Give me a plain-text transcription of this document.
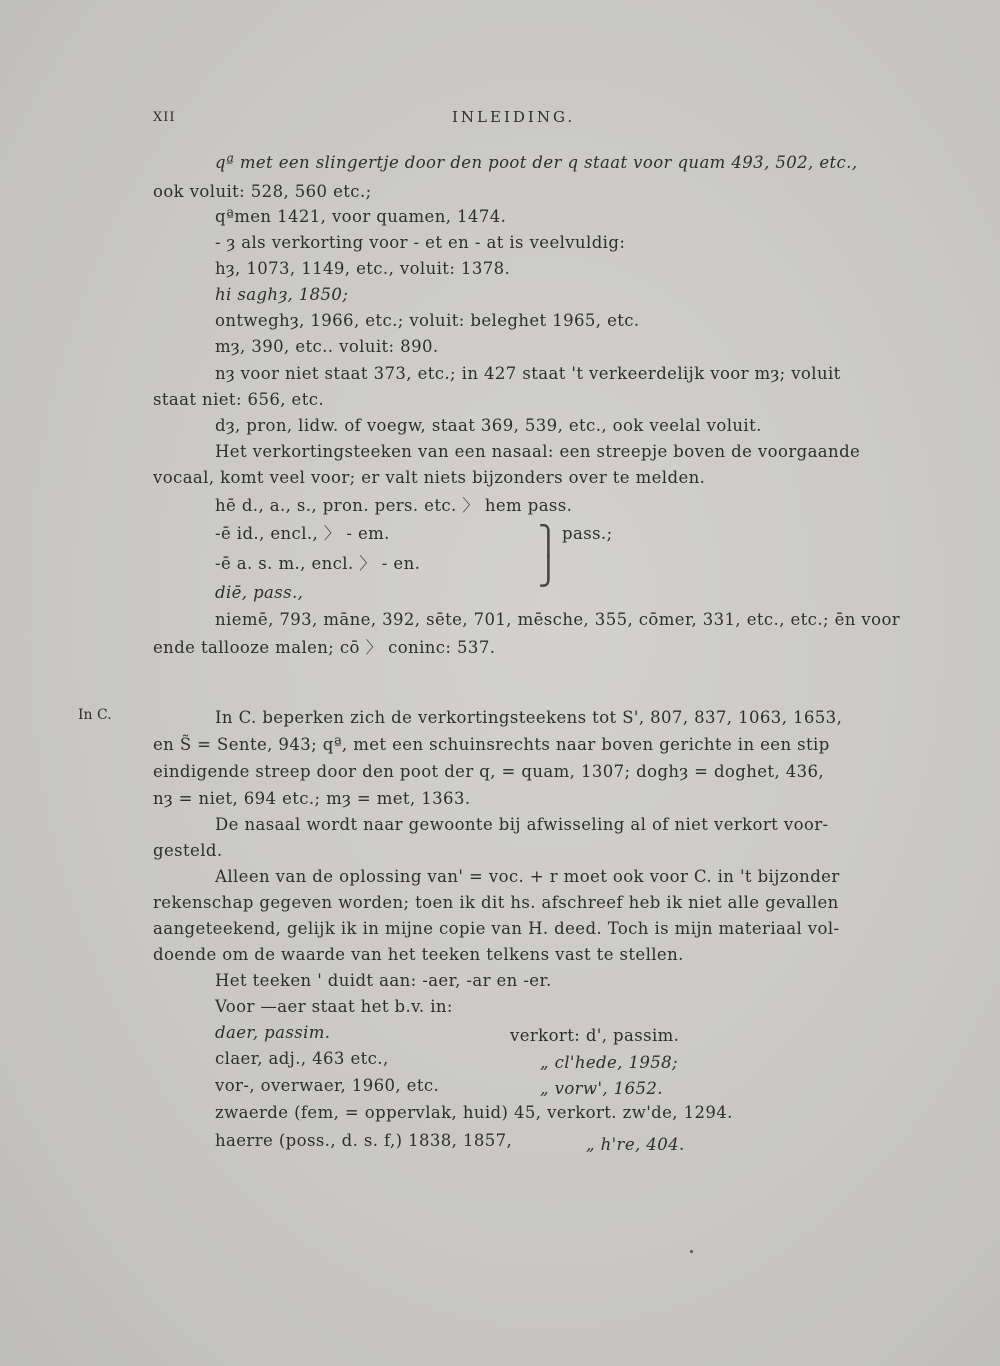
XII	INLEIDING.
In C.
qª met een slingertje door den poot der q staat voor quam 493, 502, etc.,
ook voluit: 528, 560 etc.;
qªmen 1421, voor quamen, 1474.
- ȝ als verkorting voor - et en - at is veelvuldig:
hȝ, 1073, 1149, etc., voluit: 1378.
hi saghȝ, 1850;
ontweghȝ, 1966, etc.; voluit: beleghet 1965, etc.
mȝ, 390, etc.. voluit: 890.
nȝ voor niet staat 373, etc.; in 427 staat 't verkeerdelijk voor mȝ; voluit
staat niet: 656, etc.
dȝ, pron, lidw. of voegw, staat 369, 539, etc., ook veelal voluit.
Het verkortingsteeken van een nasaal: een streepje boven de voorgaande
vocaal, komt veel voor; er valt niets bijzonders over te melden.
hē d., a., s., pron. pers. etc. 〉 hem pass.
-ē id., encl., 〉 - em.	⎫ pass.;
-ē a. s. m., encl. 〉 - en.	⎭
diē, pass.,
niemē, 793, māne, 392, sēte, 701, mēsche, 355, cōmer, 331, etc., etc.; ēn voor
ende tallooze malen; cō 〉 coninc: 537.
In C. beperken zich de verkortingsteekens tot S', 807, 837, 1063, 1653,
en S̃ = Sente, 943; qª, met een schuinsrechts naar boven gerichte in een stip
eindigende streep door den poot der q, = quam, 1307; doghȝ = doghet, 436,
nȝ = niet, 694 etc.; mȝ = met, 1363.
De nasaal wordt naar gewoonte bij afwisseling al of niet verkort voor-
gesteld.
Alleen van de oplossing van' = voc. + r moet ook voor C. in 't bijzonder
rekenschap gegeven worden; toen ik dit hs. afschreef heb ik niet alle gevallen
aangeteekend, gelijk ik in mijne copie van H. deed. Toch is mijn materiaal vol-
doende om de waarde van het teeken telkens vast te stellen.
Het teeken ' duidt aan: -aer, -ar en -er.
Voor —aer staat het b.v. in:
daer, passim.	verkort: d', passim.
claer, adj., 463 etc.,	„ cl'hede, 1958;
vor-, overwaer, 1960, etc.	„ vorw', 1652.
zwaerde (fem, = oppervlak, huid) 45, verkort. zw'de, 1294.
haerre (poss., d. s. f,) 1838, 1857,	„ h're, 404.
